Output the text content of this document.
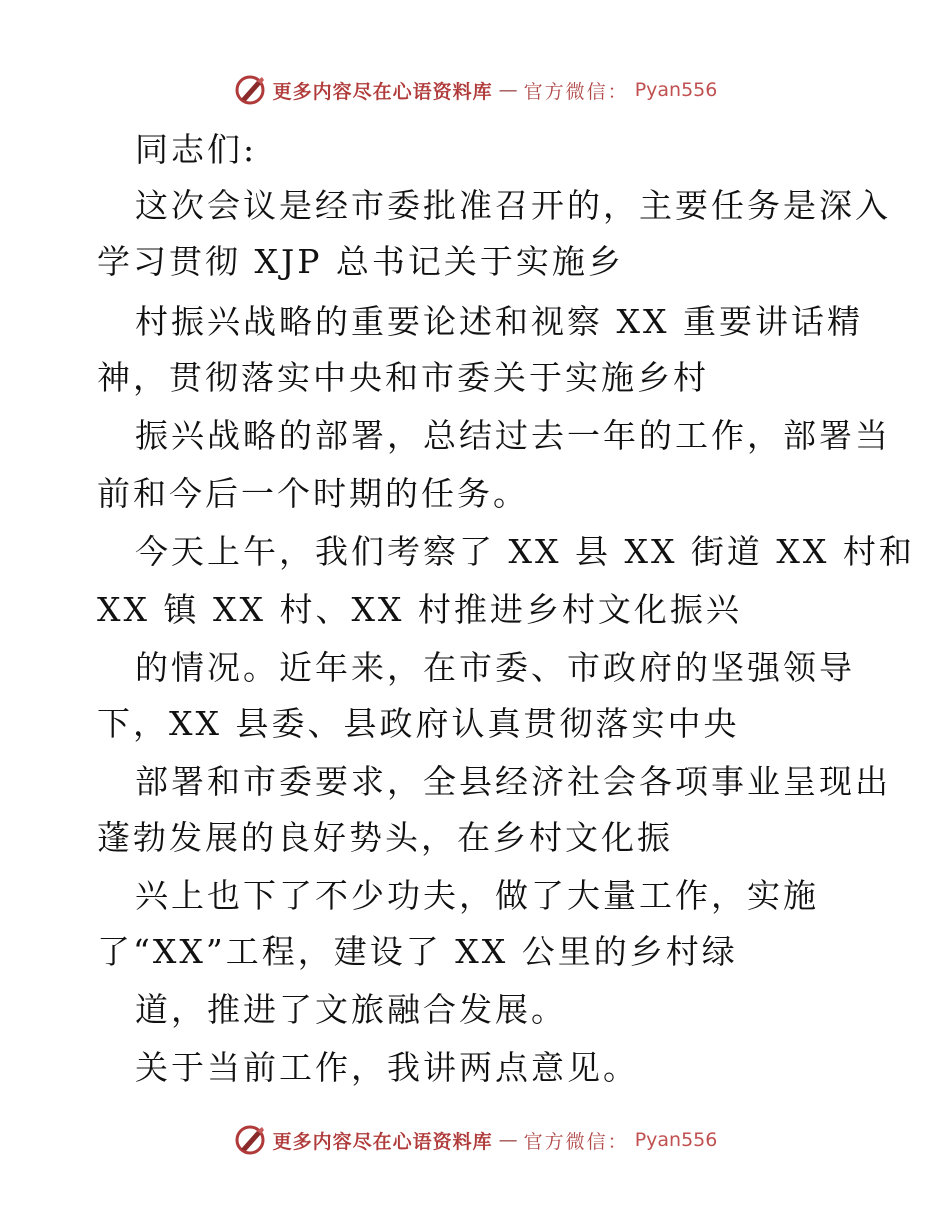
更多内容尽在心语资料库 — 官方微信： Pyan556
同志们:
这次会议是经市委批准召开的，主要任务是深入
学习贯彻 XJP 总书记关于实施乡
村振兴战略的重要论述和视察 XX 重要讲话精
神，贯彻落实中央和市委关于实施乡村
振兴战略的部署，总结过去一年的工作，部署当
前和今后一个时期的任务。
今天上午，我们考察了 XX 县 XX 街道 XX 村和
XX 镇 XX 村、XX 村推进乡村文化振兴
的情况。近年来，在市委、市政府的坚强领导
下，XX 县委、县政府认真贯彻落实中央
部署和市委要求，全县经济社会各项事业呈现出
蓬勃发展的良好势头，在乡村文化振
兴上也下了不少功夫，做了大量工作，实施
了“XX”工程，建设了 XX 公里的乡村绿
道，推进了文旅融合发展。
关于当前工作，我讲两点意见。
更多内容尽在心语资料库 — 官方微信： Pyan556
